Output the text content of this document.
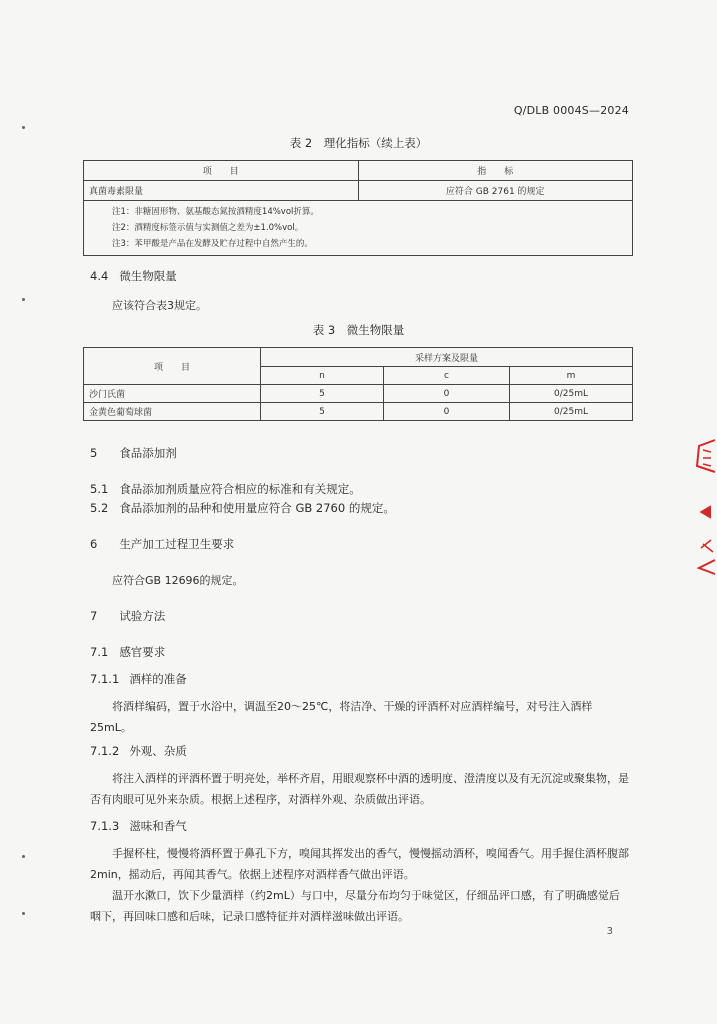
Q/DLB 0004S—2024
表 2　理化指标（续上表）
项　　目	指　　标
真菌毒素限量	应符合 GB 2761 的规定

注1：非糖固形物、氨基酸态氮按酒精度14%vol折算。
注2：酒精度标签示值与实测值之差为±1.0%vol。
注3：苯甲酸是产品在发酵及贮存过程中自然产生的。	
4.4 微生物限量
应该符合表3规定。
表 3　微生物限量
项　　目	采样方案及限量		
	n	c	m
沙门氏菌	5	0	0/25mL
金黄色葡萄球菌	5	0	0/25mL
5 食品添加剂
5.1 食品添加剂质量应符合相应的标准和有关规定。
5.2 食品添加剂的品种和使用量应符合 GB 2760 的规定。
6 生产加工过程卫生要求
应符合GB 12696的规定。
7 试验方法
7.1 感官要求
7.1.1 酒样的准备
将酒样编码，置于水浴中，调温至20～25℃，将洁净、干燥的评酒杯对应酒样编号，对号注入酒样25mL。
7.1.2 外观、杂质
将注入酒样的评酒杯置于明亮处，举杯齐眉，用眼观察杯中酒的透明度、澄清度以及有无沉淀或聚集物，是否有肉眼可见外来杂质。根据上述程序，对酒样外观、杂质做出评语。
7.1.3 滋味和香气
手握杯柱，慢慢将酒杯置于鼻孔下方，嗅闻其挥发出的香气，慢慢摇动酒杯，嗅闻香气。用手握住酒杯腹部2min，摇动后，再闻其香气。依据上述程序对酒样香气做出评语。
温开水漱口，饮下少量酒样（约2mL）与口中，尽量分布均匀于味觉区，仔细品评口感，有了明确感觉后咽下，再回味口感和后味，记录口感特征并对酒样滋味做出评语。
3
